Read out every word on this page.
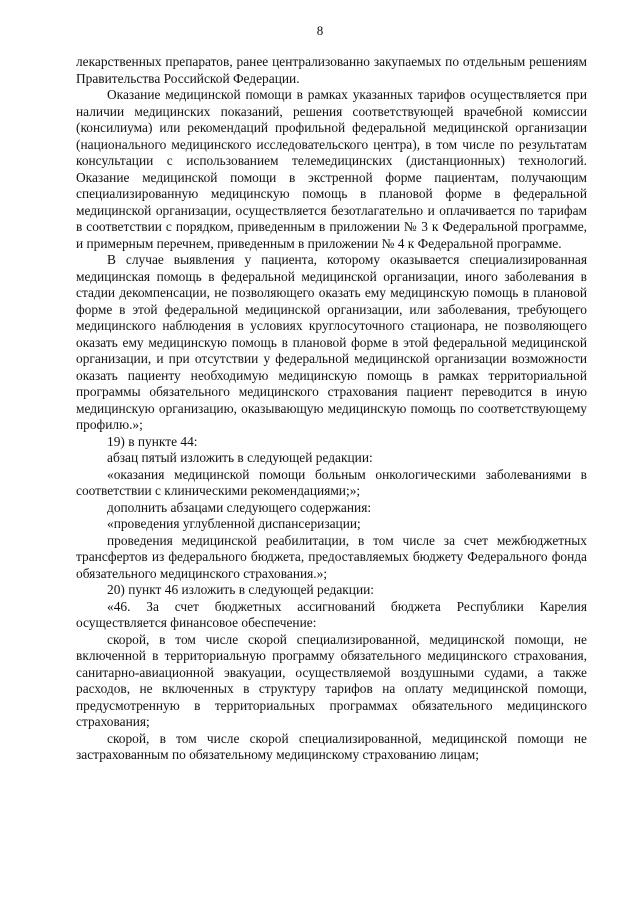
8

лекарственных препаратов, ранее централизованно закупаемых по отдельным решениям Правительства Российской Федерации.

Оказание медицинской помощи в рамках указанных тарифов осуществляется при наличии медицинских показаний, решения соответствующей врачебной комиссии (консилиума) или рекомендаций профильной федеральной медицинской организации (национального медицинского исследовательского центра), в том числе по результатам консультации с использованием телемедицинских (дистанционных) технологий. Оказание медицинской помощи в экстренной форме пациентам, получающим специализированную медицинскую помощь в плановой форме в федеральной медицинской организации, осуществляется безотлагательно и оплачивается по тарифам в соответствии с порядком, приведенным в приложении № 3 к Федеральной программе, и примерным перечнем, приведенным в приложении № 4 к Федеральной программе.

В случае выявления у пациента, которому оказывается специализированная медицинская помощь в федеральной медицинской организации, иного заболевания в стадии декомпенсации, не позволяющего оказать ему медицинскую помощь в плановой форме в этой федеральной медицинской организации, или заболевания, требующего медицинского наблюдения в условиях круглосуточного стационара, не позволяющего оказать ему медицинскую помощь в плановой форме в этой федеральной медицинской организации, и при отсутствии у федеральной медицинской организации возможности оказать пациенту необходимую медицинскую помощь в рамках территориальной программы обязательного медицинского страхования пациент переводится в иную медицинскую организацию, оказывающую медицинскую помощь по соответствующему профилю.»;

19) в пункте 44:

абзац пятый изложить в следующей редакции:

«оказания медицинской помощи больным онкологическими заболеваниями в соответствии с клиническими рекомендациями;»;

дополнить абзацами следующего содержания:

«проведения углубленной диспансеризации;

проведения медицинской реабилитации, в том числе за счет межбюджетных трансфертов из федерального бюджета, предоставляемых бюджету Федерального фонда обязательного медицинского страхования.»;

20) пункт 46 изложить в следующей редакции:

«46. За счет бюджетных ассигнований бюджета Республики Карелия осуществляется финансовое обеспечение:

скорой, в том числе скорой специализированной, медицинской помощи, не включенной в территориальную программу обязательного медицинского страхования, санитарно-авиационной эвакуации, осуществляемой воздушными судами, а также расходов, не включенных в структуру тарифов на оплату медицинской помощи, предусмотренную в территориальных программах обязательного медицинского страхования;

скорой, в том числе скорой специализированной, медицинской помощи не застрахованным по обязательному медицинскому страхованию лицам;
